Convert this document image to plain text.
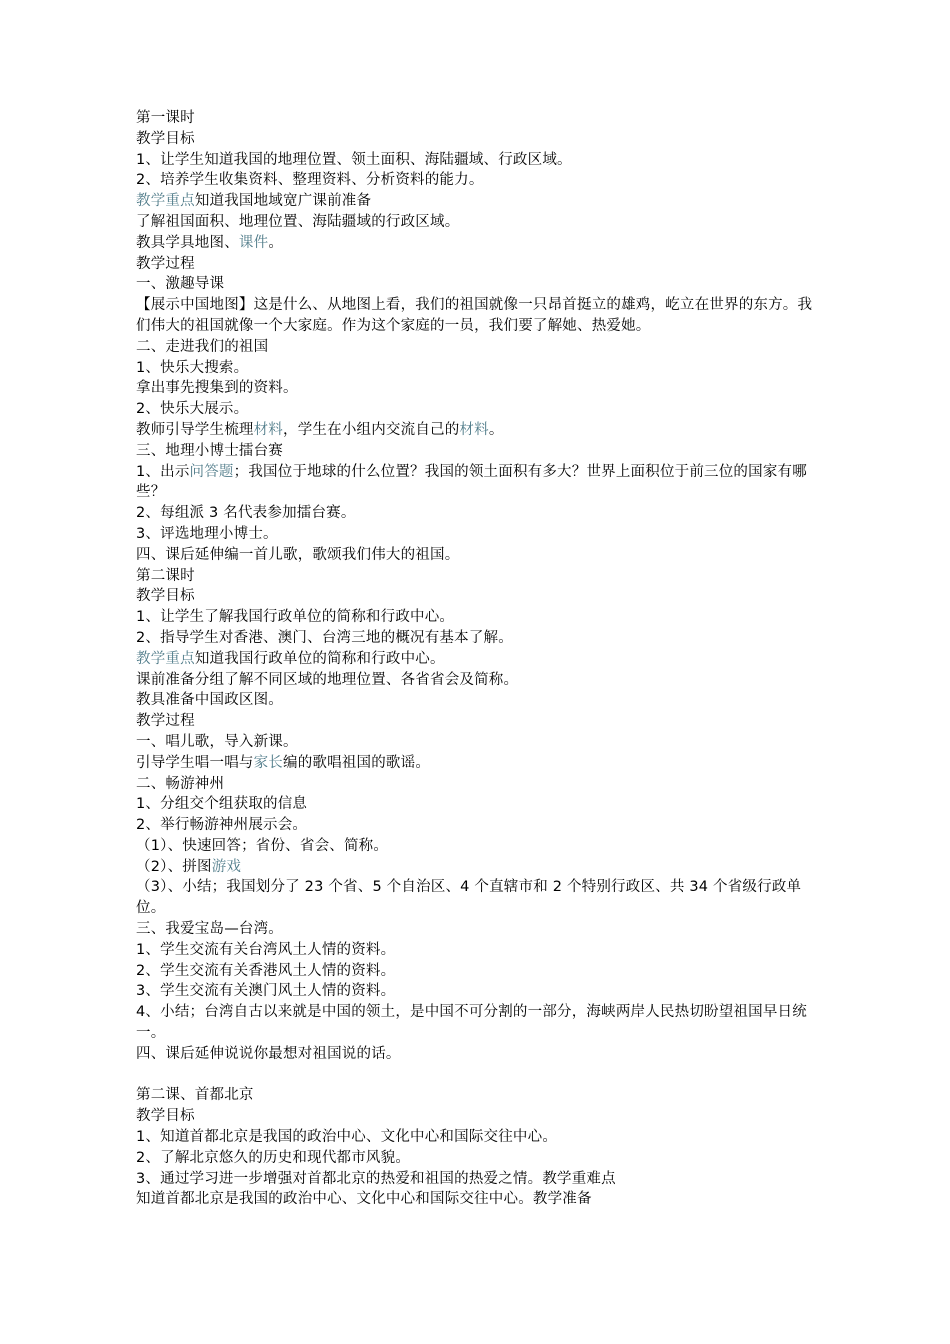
第一课时

教学目标

1、让学生知道我国的地理位置、领土面积、海陆疆域、行政区域。

2、培养学生收集资料、整理资料、分析资料的能力。

教学重点知道我国地域宽广课前准备

了解祖国面积、地理位置、海陆疆域的行政区域。

教具学具地图、课件。

教学过程

一、激趣导课

【展示中国地图】这是什么、从地图上看，我们的祖国就像一只昂首挺立的雄鸡，屹立在世界的东方。我们伟大的祖国就像一个大家庭。作为这个家庭的一员，我们要了解她、热爱她。

二、走进我们的祖国

1、快乐大搜索。

拿出事先搜集到的资料。

2、快乐大展示。

教师引导学生梳理材料，学生在小组内交流自己的材料。

三、地理小博士擂台赛

1、出示问答题；我国位于地球的什么位置？我国的领土面积有多大？世界上面积位于前三位的国家有哪些？

2、每组派 3 名代表参加擂台赛。

3、评选地理小博士。

四、课后延伸编一首儿歌，歌颂我们伟大的祖国。

第二课时

教学目标

1、让学生了解我国行政单位的简称和行政中心。

2、指导学生对香港、澳门、台湾三地的概况有基本了解。

教学重点知道我国行政单位的简称和行政中心。

课前准备分组了解不同区域的地理位置、各省省会及简称。

教具准备中国政区图。

教学过程

一、唱儿歌，导入新课。

引导学生唱一唱与家长编的歌唱祖国的歌谣。

二、畅游神州

1、分组交个组获取的信息

2、举行畅游神州展示会。

（1）、快速回答；省份、省会、简称。

（2）、拼图游戏

（3）、小结；我国划分了 23 个省、5 个自治区、4 个直辖市和 2 个特别行政区、共 34 个省级行政单位。

三、我爱宝岛—台湾。

1、学生交流有关台湾风土人情的资料。

2、学生交流有关香港风土人情的资料。

3、学生交流有关澳门风土人情的资料。

4、小结；台湾自古以来就是中国的领土，是中国不可分割的一部分，海峡两岸人民热切盼望祖国早日统一。

四、课后延伸说说你最想对祖国说的话。

第二课、首都北京

教学目标

1、知道首都北京是我国的政治中心、文化中心和国际交往中心。

2、了解北京悠久的历史和现代都市风貌。

3、通过学习进一步增强对首都北京的热爱和祖国的热爱之情。教学重难点

知道首都北京是我国的政治中心、文化中心和国际交往中心。教学准备
